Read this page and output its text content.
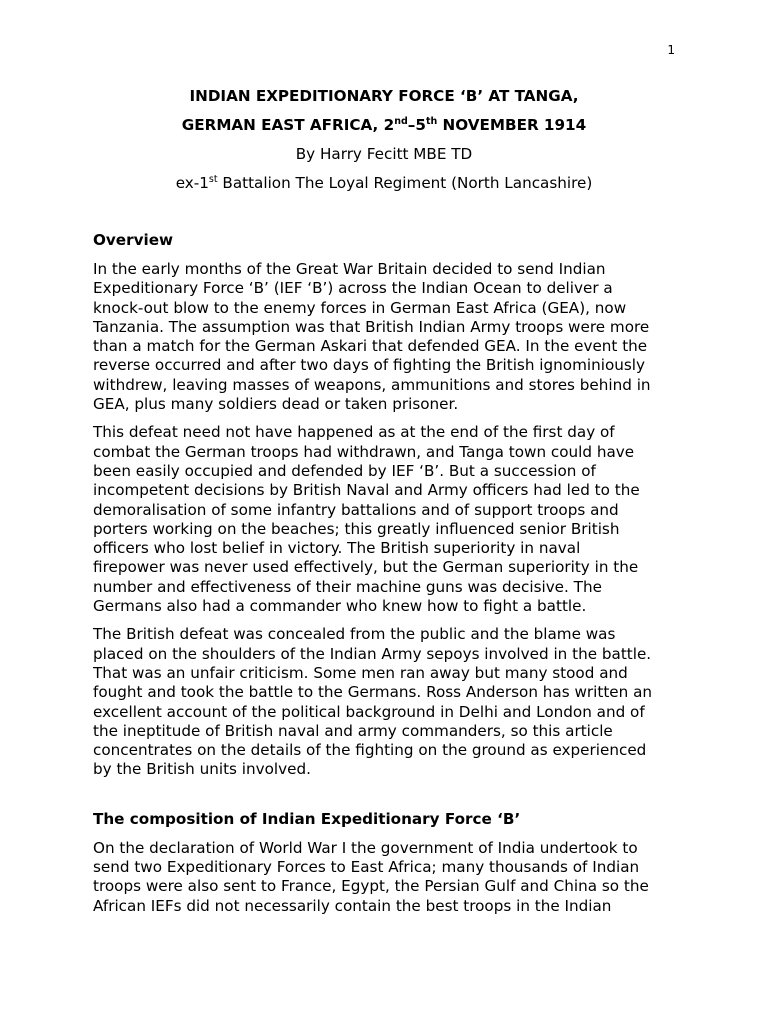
1

INDIAN EXPEDITIONARY FORCE ‘B’ AT TANGA,

GERMAN EAST AFRICA, 2nd–5th NOVEMBER 1914

By Harry Fecitt MBE TD

ex-1st Battalion The Loyal Regiment (North Lancashire)

Overview

In the early months of the Great War Britain decided to send Indian
Expeditionary Force ‘B’ (IEF ‘B’) across the Indian Ocean to deliver a
knock-out blow to the enemy forces in German East Africa (GEA), now
Tanzania. The assumption was that British Indian Army troops were more
than a match for the German Askari that defended GEA. In the event the
reverse occurred and after two days of fighting the British ignominiously
withdrew, leaving masses of weapons, ammunitions and stores behind in
GEA, plus many soldiers dead or taken prisoner.

This defeat need not have happened as at the end of the first day of
combat the German troops had withdrawn, and Tanga town could have
been easily occupied and defended by IEF ‘B’. But a succession of
incompetent decisions by British Naval and Army officers had led to the
demoralisation of some infantry battalions and of support troops and
porters working on the beaches; this greatly influenced senior British
officers who lost belief in victory. The British superiority in naval
firepower was never used effectively, but the German superiority in the
number and effectiveness of their machine guns was decisive. The
Germans also had a commander who knew how to fight a battle.

The British defeat was concealed from the public and the blame was
placed on the shoulders of the Indian Army sepoys involved in the battle.
That was an unfair criticism. Some men ran away but many stood and
fought and took the battle to the Germans. Ross Anderson has written an
excellent account of the political background in Delhi and London and of
the ineptitude of British naval and army commanders, so this article
concentrates on the details of the fighting on the ground as experienced
by the British units involved.

The composition of Indian Expeditionary Force ‘B’

On the declaration of World War I the government of India undertook to
send two Expeditionary Forces to East Africa; many thousands of Indian
troops were also sent to France, Egypt, the Persian Gulf and China so the
African IEFs did not necessarily contain the best troops in the Indian
